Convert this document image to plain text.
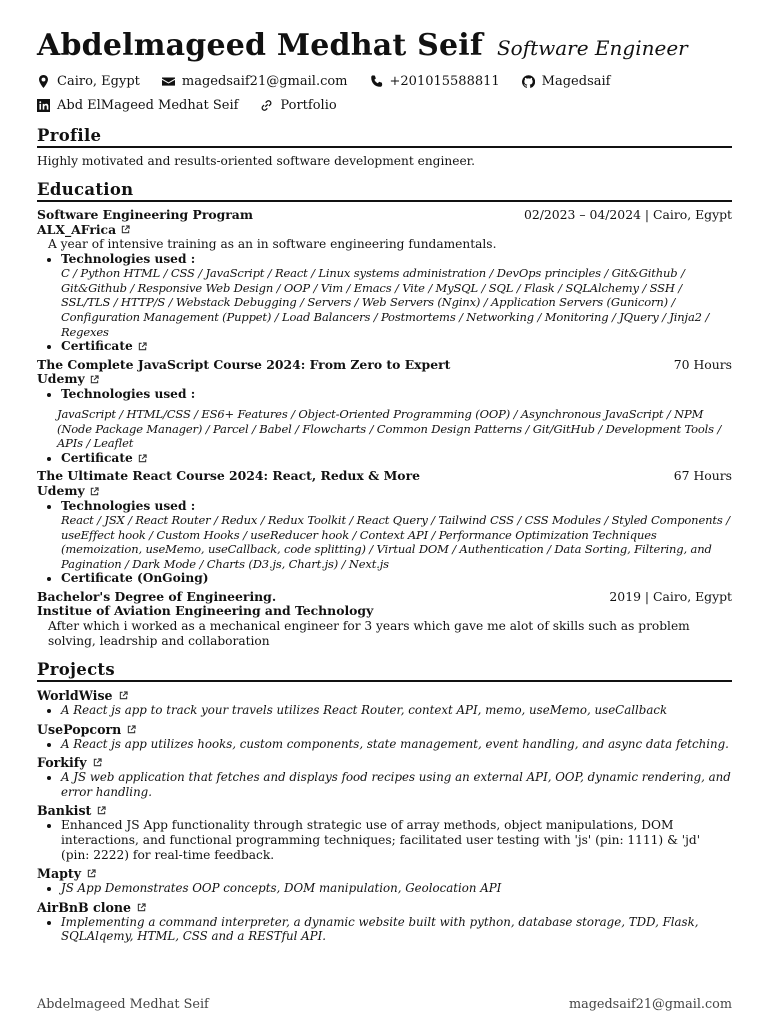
Abdelmageed Medhat Seif Software Engineer
Cairo, Egypt	magedsaif21@gmail.com	+201015588811	Magedsaif
Abd ElMageed Medhat Seif	Portfolio
Profile

Highly motivated and results-oriented software development engineer.

Education
Software Engineering Program	02/2023 – 04/2024 | Cairo, Egypt
ALX_AFrica
A year of intensive training as an in software engineering fundamentals.
• Technologies used :
C / Python HTML / CSS / JavaScript / React / Linux systems administration / DevOps principles / Git&Github / Git&Github / Responsive Web Design / OOP / Vim / Emacs / Vite / MySQL / SQL / Flask / SQLAlchemy / SSH / SSL/TLS / HTTP/S / Webstack Debugging / Servers / Web Servers (Nginx) / Application Servers (Gunicorn) / Configuration Management (Puppet) / Load Balancers / Postmortems / Networking / Monitoring / JQuery / Jinja2 / Regexes
• Certificate
The Complete JavaScript Course 2024: From Zero to Expert	70 Hours
Udemy
• Technologies used :
JavaScript / HTML/CSS / ES6+ Features / Object-Oriented Programming (OOP) / Asynchronous JavaScript / NPM (Node Package Manager) / Parcel / Babel / Flowcharts / Common Design Patterns / Git/GitHub / Development Tools / APIs / Leaflet
• Certificate
The Ultimate React Course 2024: React, Redux & More	67 Hours
Udemy
• Technologies used :
React / JSX / React Router / Redux / Redux Toolkit / React Query / Tailwind CSS / CSS Modules / Styled Components / useEffect hook / Custom Hooks / useReducer hook / Context API / Performance Optimization Techniques (memoization, useMemo, useCallback, code splitting) / Virtual DOM / Authentication / Data Sorting, Filtering, and Pagination / Dark Mode / Charts (D3.js, Chart.js) / Next.js
• Certificate (OnGoing)
Bachelor's Degree of Engineering.	2019 | Cairo, Egypt
Institue of Aviation Engineering and Technology
After which i worked as a mechanical engineer for 3 years which gave me alot of skills such as problem solving, leadrship and collaboration
Projects
WorldWise
• A React js app to track your travels utilizes React Router, context API, memo, useMemo, useCallback
UsePopcorn
• A React js app utilizes hooks, custom components, state management, event handling, and async data fetching.
Forkify
• A JS web application that fetches and displays food recipes using an external API, OOP, dynamic rendering, and error handling.
Bankist
• Enhanced JS App functionality through strategic use of array methods, object manipulations, DOM interactions, and functional programming techniques; facilitated user testing with 'js' (pin: 1111) & 'jd' (pin: 2222) for real-time feedback.
Mapty
• JS App Demonstrates OOP concepts, DOM manipulation, Geolocation API
AirBnB clone
• Implementing a command interpreter, a dynamic website built with python, database storage, TDD, Flask, SQLAlqemy, HTML, CSS and a RESTful API.
Abdelmageed Medhat Seif	magedsaif21@gmail.com
